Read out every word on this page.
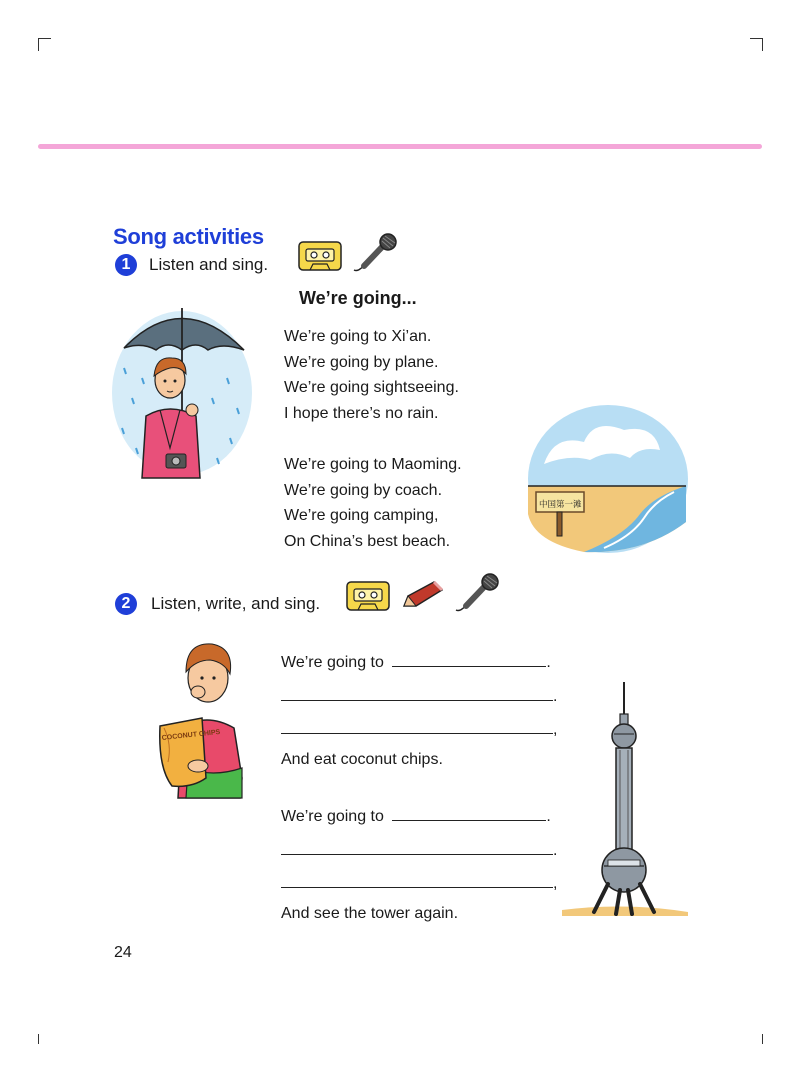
Song activities
1	Listen and sing.
We’re going...
We’re going to Xi’an.
We’re going by plane.
We’re going sightseeing.
I hope there’s no rain.
We’re going to Maoming.
We’re going by coach.
We’re going camping,
On China’s best beach.
中国第一滩
2	Listen, write, and sing.
COCONUT CHIPS
We’re going to	.
.
,
And eat coconut chips.
We’re going to	.
.
,
And see the tower again.
24
